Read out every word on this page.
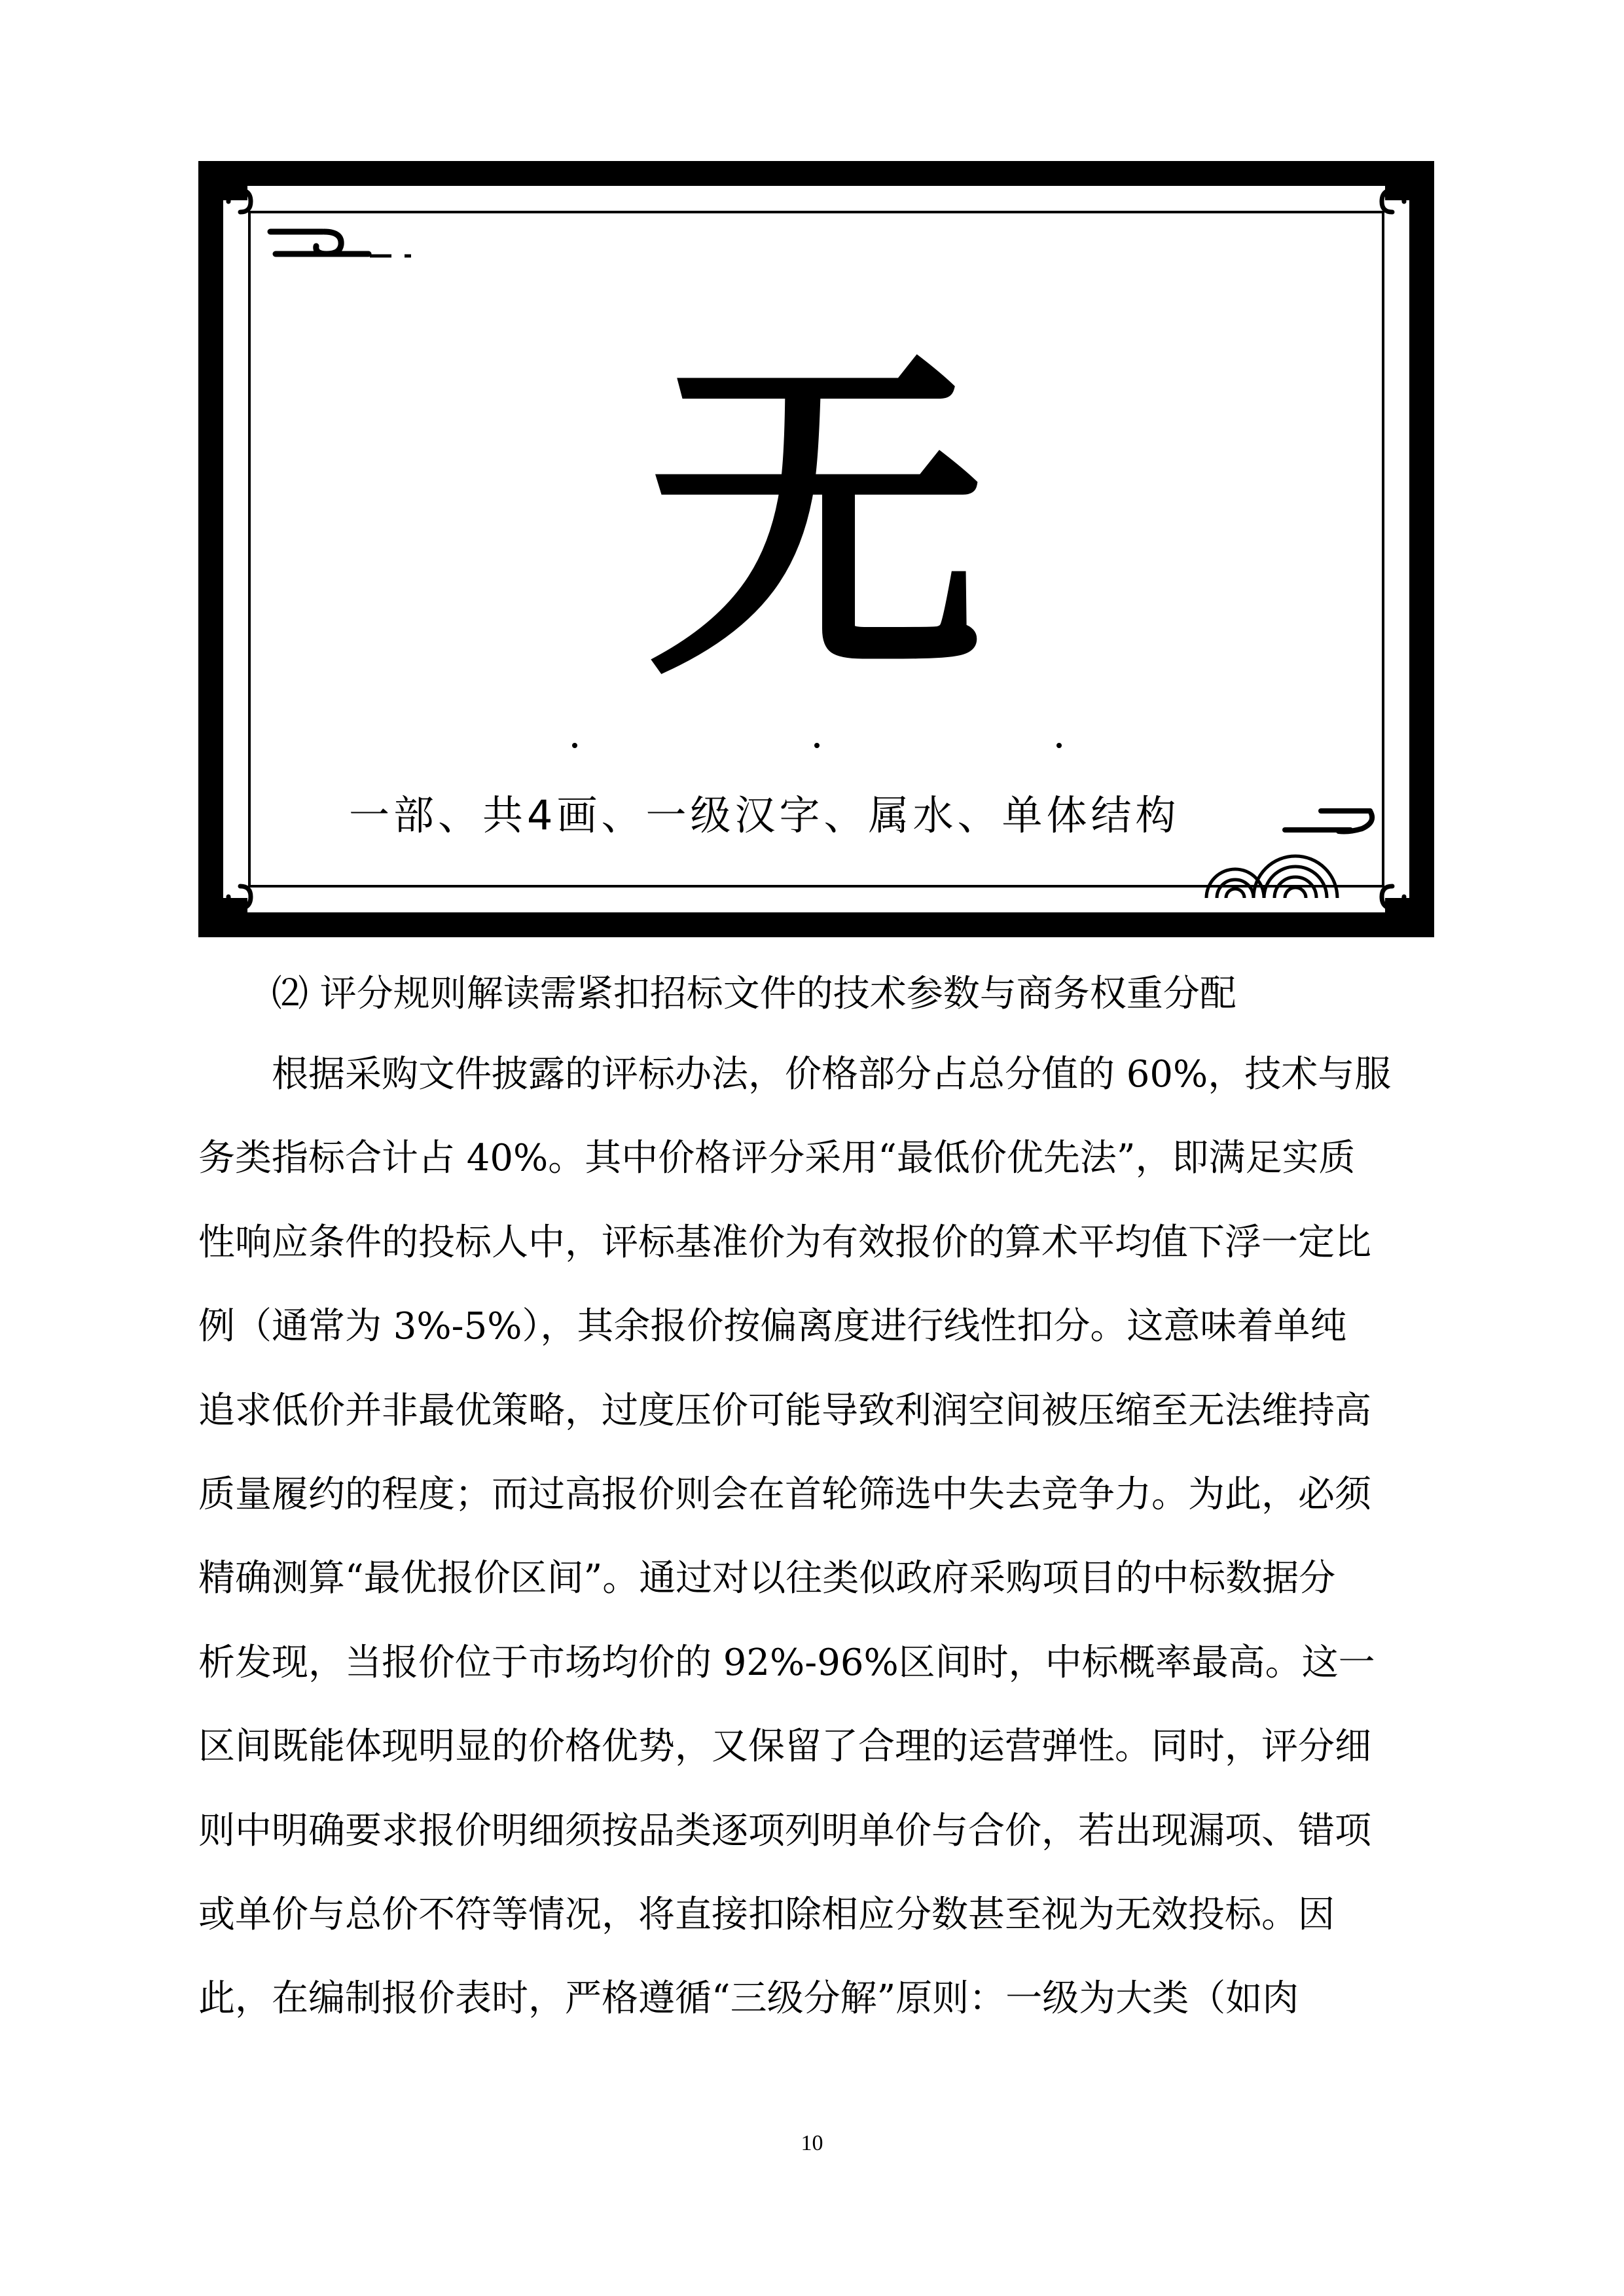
无
一部、共4画、一级汉字、属水、单体结构

⑵ 评分规则解读需紧扣招标文件的技术参数与商务权重分配

根据采购文件披露的评标办法，价格部分占总分值的 60%，技术与服

务类指标合计占 40%。其中价格评分采用“最低价优先法”，即满足实质

性响应条件的投标人中，评标基准价为有效报价的算术平均值下浮一定比

例（通常为 3%-5%），其余报价按偏离度进行线性扣分。这意味着单纯

追求低价并非最优策略，过度压价可能导致利润空间被压缩至无法维持高

质量履约的程度；而过高报价则会在首轮筛选中失去竞争力。为此，必须

精确测算“最优报价区间”。通过对以往类似政府采购项目的中标数据分

析发现，当报价位于市场均价的 92%-96%区间时，中标概率最高。这一

区间既能体现明显的价格优势，又保留了合理的运营弹性。同时，评分细

则中明确要求报价明细须按品类逐项列明单价与合价，若出现漏项、错项

或单价与总价不符等情况，将直接扣除相应分数甚至视为无效投标。因

此，在编制报价表时，严格遵循“三级分解”原则：一级为大类（如肉

10
